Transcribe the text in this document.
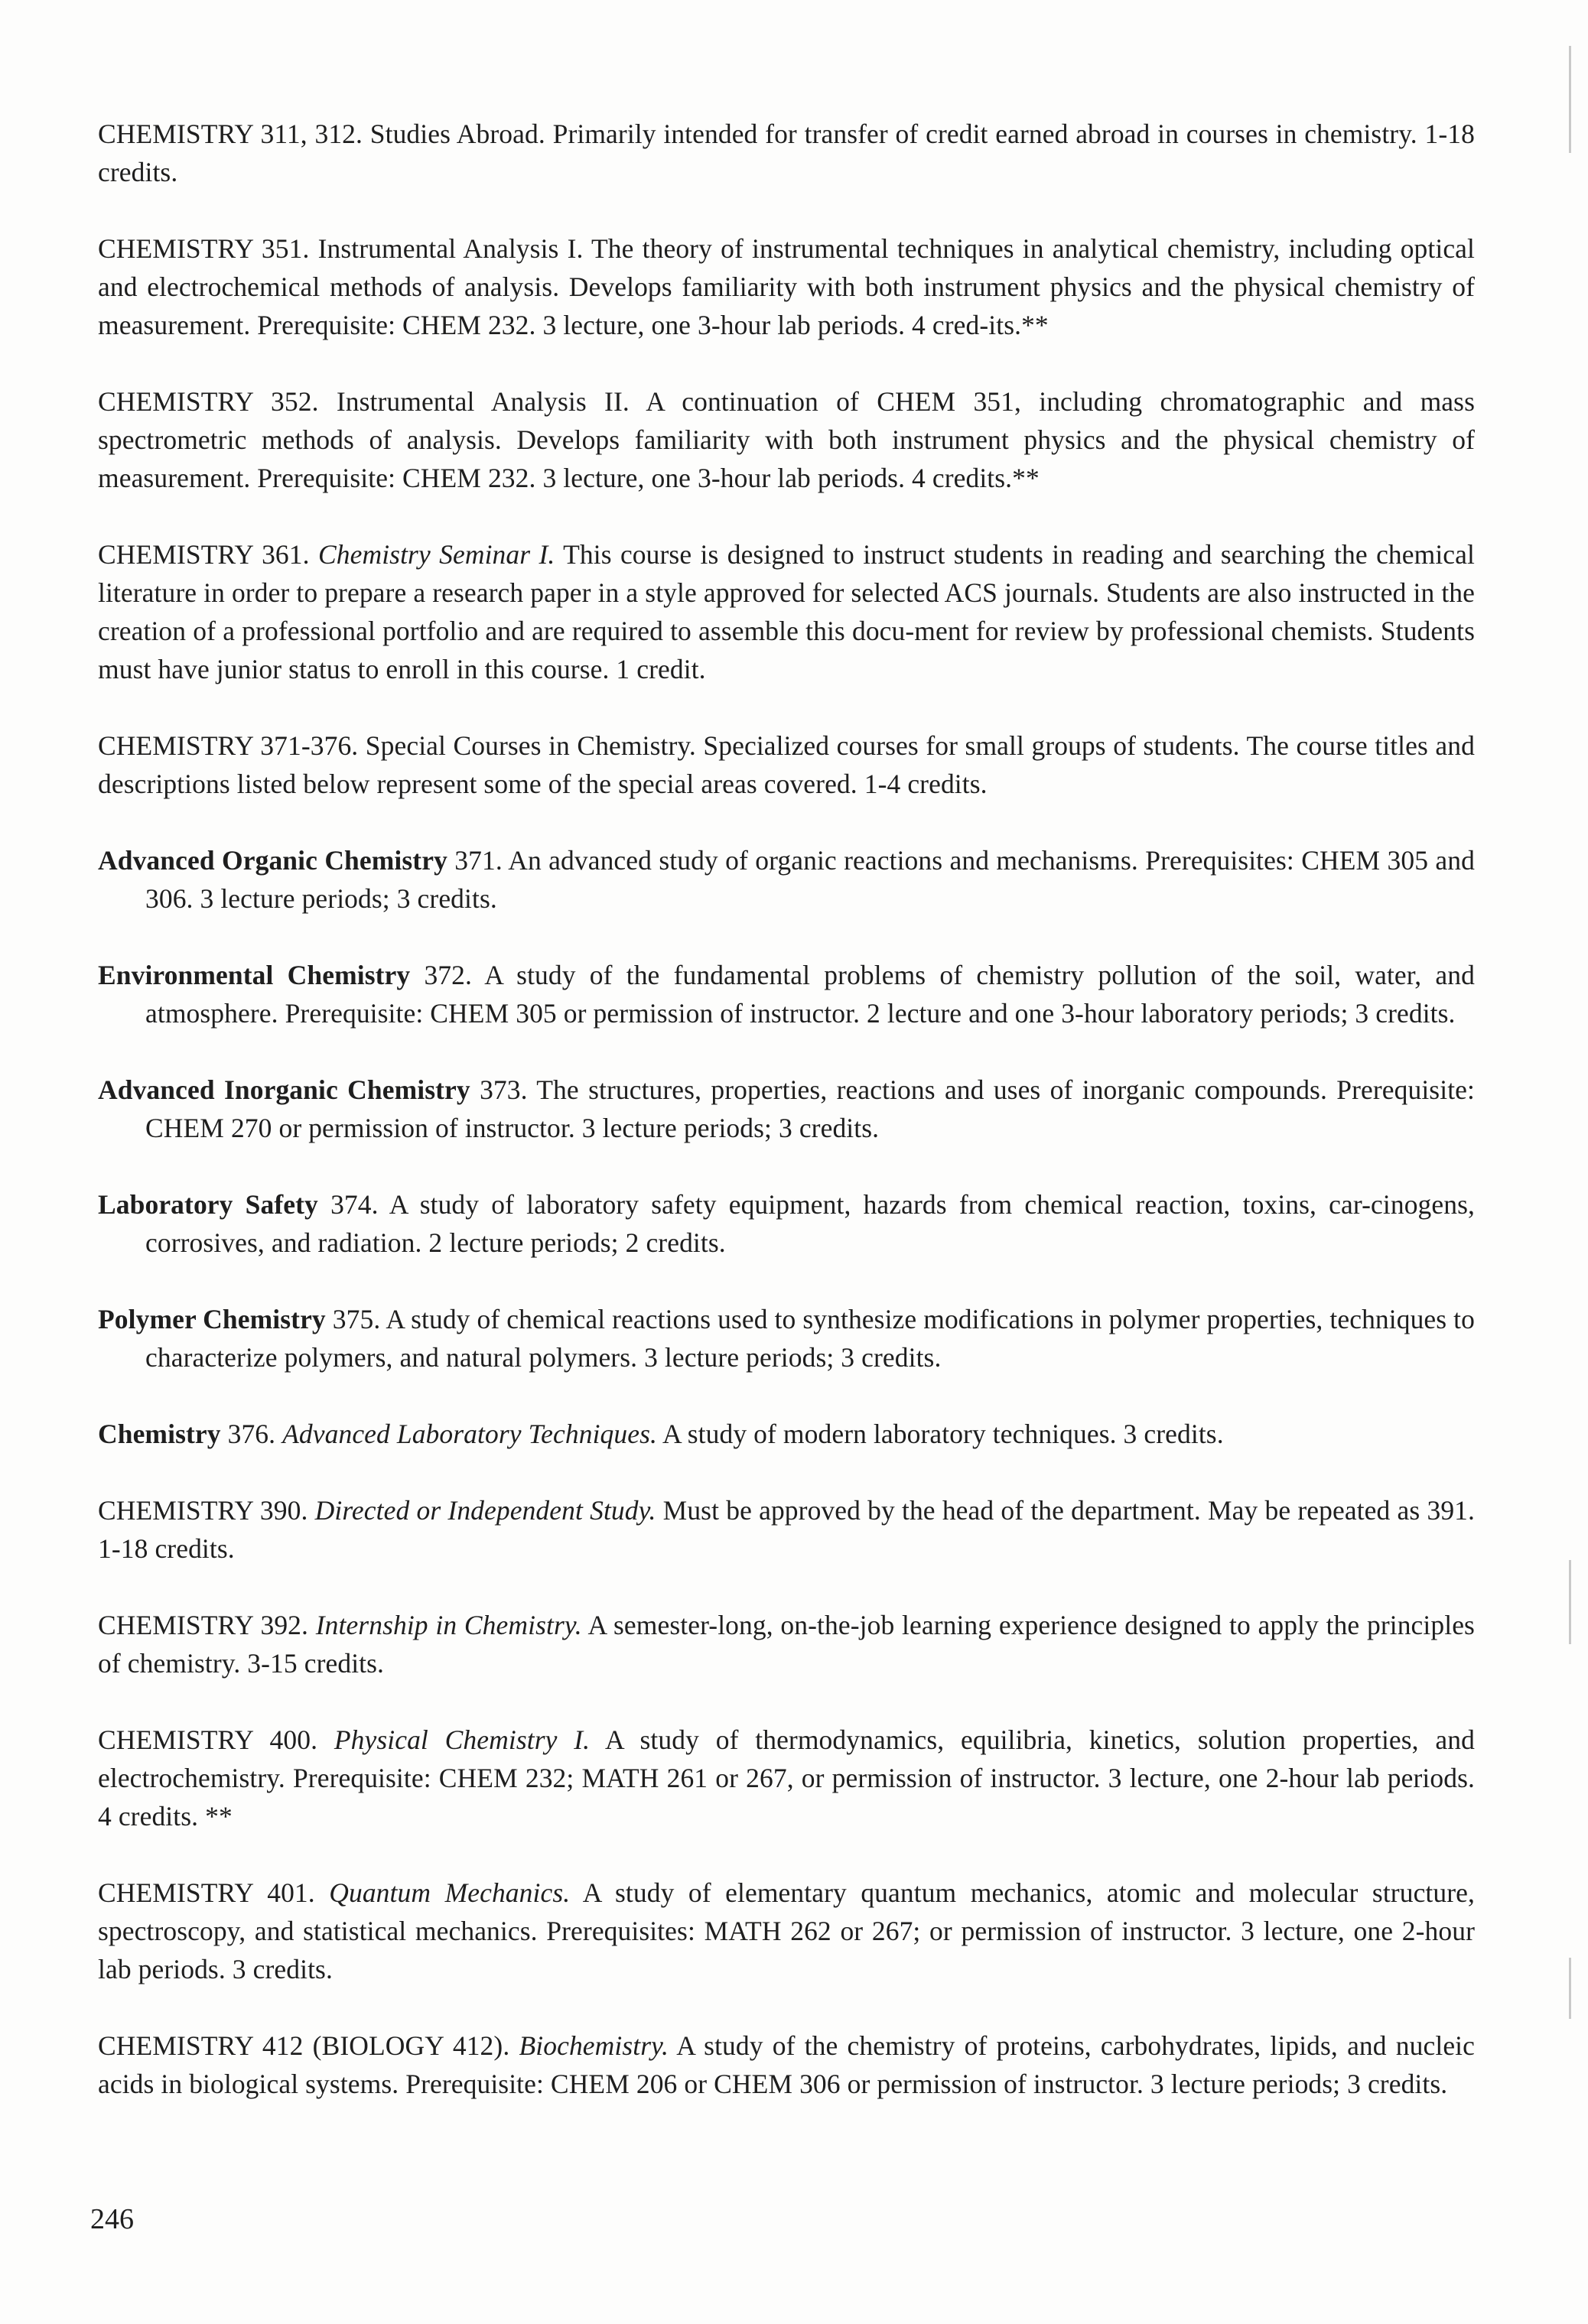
CHEMISTRY 311, 312. Studies Abroad. Primarily intended for transfer of credit earned abroad in courses in chemistry. 1-18 credits.

CHEMISTRY 351. Instrumental Analysis I. The theory of instrumental techniques in analytical chemistry, including optical and electrochemical methods of analysis. Develops familiarity with both instrument physics and the physical chemistry of measurement. Prerequisite: CHEM 232. 3 lecture, one 3-hour lab periods. 4 cred-its.**

CHEMISTRY 352. Instrumental Analysis II. A continuation of CHEM 351, including chromatographic and mass spectrometric methods of analysis. Develops familiarity with both instrument physics and the physical chemistry of measurement. Prerequisite: CHEM 232. 3 lecture, one 3-hour lab periods. 4 credits.**

CHEMISTRY 361. Chemistry Seminar I. This course is designed to instruct students in reading and searching the chemical literature in order to prepare a research paper in a style approved for selected ACS journals. Students are also instructed in the creation of a professional portfolio and are required to assemble this docu-ment for review by professional chemists. Students must have junior status to enroll in this course. 1 credit.

CHEMISTRY 371-376. Special Courses in Chemistry. Specialized courses for small groups of students. The course titles and descriptions listed below represent some of the special areas covered. 1-4 credits.

Advanced Organic Chemistry 371. An advanced study of organic reactions and mechanisms. Prerequisites: CHEM 305 and 306. 3 lecture periods; 3 credits.

Environmental Chemistry 372. A study of the fundamental problems of chemistry pollution of the soil, water, and atmosphere. Prerequisite: CHEM 305 or permission of instructor. 2 lecture and one 3-hour laboratory periods; 3 credits.

Advanced Inorganic Chemistry 373. The structures, properties, reactions and uses of inorganic compounds. Prerequisite: CHEM 270 or permission of instructor. 3 lecture periods; 3 credits.

Laboratory Safety 374. A study of laboratory safety equipment, hazards from chemical reaction, toxins, car-cinogens, corrosives, and radiation. 2 lecture periods; 2 credits.

Polymer Chemistry 375. A study of chemical reactions used to synthesize modifications in polymer properties, techniques to characterize polymers, and natural polymers. 3 lecture periods; 3 credits.

Chemistry 376. Advanced Laboratory Techniques. A study of modern laboratory techniques. 3 credits.

CHEMISTRY 390. Directed or Independent Study. Must be approved by the head of the department. May be repeated as 391. 1-18 credits.

CHEMISTRY 392. Internship in Chemistry. A semester-long, on-the-job learning experience designed to apply the principles of chemistry. 3-15 credits.

CHEMISTRY 400. Physical Chemistry I. A study of thermodynamics, equilibria, kinetics, solution properties, and electrochemistry. Prerequisite: CHEM 232; MATH 261 or 267, or permission of instructor. 3 lecture, one 2-hour lab periods. 4 credits. **

CHEMISTRY 401. Quantum Mechanics. A study of elementary quantum mechanics, atomic and molecular structure, spectroscopy, and statistical mechanics. Prerequisites: MATH 262 or 267; or permission of instructor. 3 lecture, one 2-hour lab periods. 3 credits.

CHEMISTRY 412 (BIOLOGY 412). Biochemistry. A study of the chemistry of proteins, carbohydrates, lipids, and nucleic acids in biological systems. Prerequisite: CHEM 206 or CHEM 306 or permission of instructor. 3 lecture periods; 3 credits.

246
